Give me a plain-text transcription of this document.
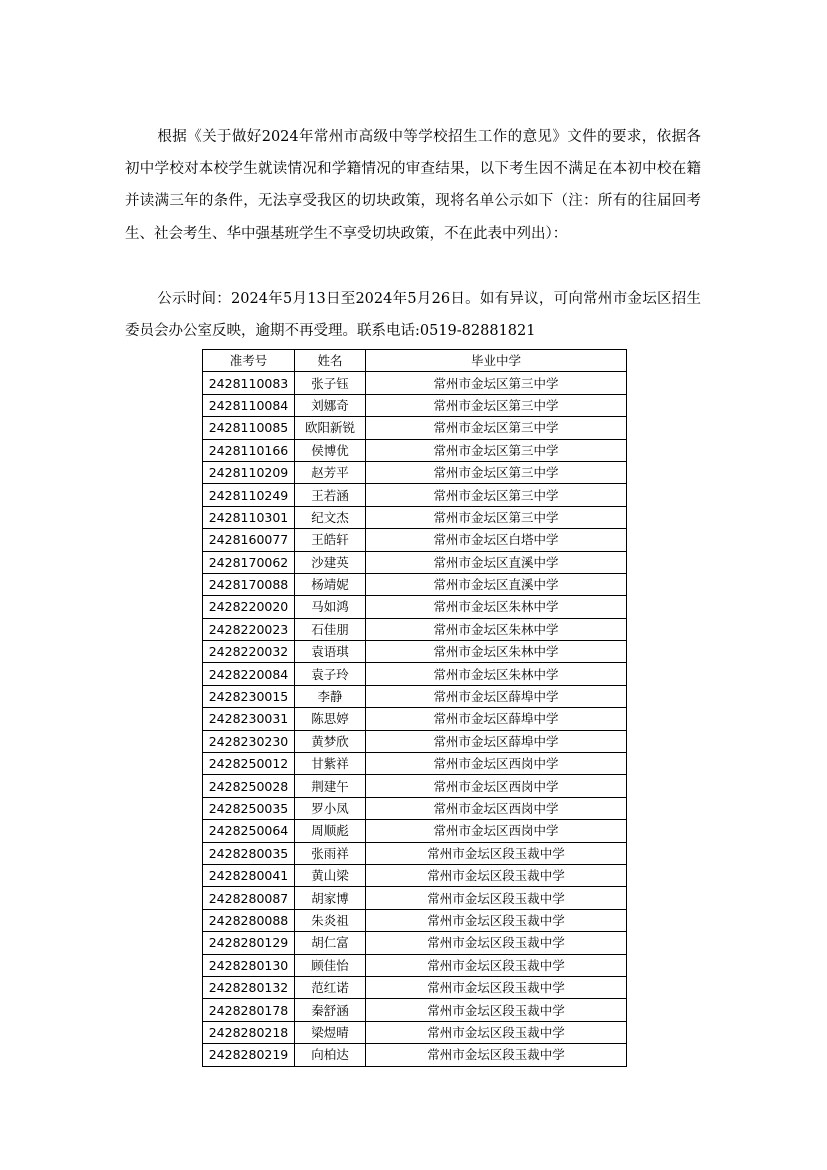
根据《关于做好2024年常州市高级中等学校招生工作的意见》文件的要求，依据各初中学校对本校学生就读情况和学籍情况的审查结果，以下考生因不满足在本初中校在籍并读满三年的条件，无法享受我区的切块政策，现将名单公示如下（注：所有的往届回考生、社会考生、华中强基班学生不享受切块政策，不在此表中列出）：

公示时间：2024年5月13日至2024年5月26日。如有异议，可向常州市金坛区招生委员会办公室反映，逾期不再受理。联系电话:0519-82881821

准考号	姓名	毕业中学
2428110083	张子钰	常州市金坛区第三中学
2428110084	刘娜奇	常州市金坛区第三中学
2428110085	欧阳新锐	常州市金坛区第三中学
2428110166	侯博优	常州市金坛区第三中学
2428110209	赵芳平	常州市金坛区第三中学
2428110249	王若涵	常州市金坛区第三中学
2428110301	纪文杰	常州市金坛区第三中学
2428160077	王皓轩	常州市金坛区白塔中学
2428170062	沙建英	常州市金坛区直溪中学
2428170088	杨靖妮	常州市金坛区直溪中学
2428220020	马如鸿	常州市金坛区朱林中学
2428220023	石佳朋	常州市金坛区朱林中学
2428220032	袁语琪	常州市金坛区朱林中学
2428220084	袁子玲	常州市金坛区朱林中学
2428230015	李静	常州市金坛区薛埠中学
2428230031	陈思婷	常州市金坛区薛埠中学
2428230230	黄梦欣	常州市金坛区薛埠中学
2428250012	甘紫祥	常州市金坛区西岗中学
2428250028	荆建午	常州市金坛区西岗中学
2428250035	罗小凤	常州市金坛区西岗中学
2428250064	周顺彪	常州市金坛区西岗中学
2428280035	张雨祥	常州市金坛区段玉裁中学
2428280041	黄山梁	常州市金坛区段玉裁中学
2428280087	胡家博	常州市金坛区段玉裁中学
2428280088	朱炎祖	常州市金坛区段玉裁中学
2428280129	胡仁富	常州市金坛区段玉裁中学
2428280130	顾佳怡	常州市金坛区段玉裁中学
2428280132	范红诺	常州市金坛区段玉裁中学
2428280178	秦舒涵	常州市金坛区段玉裁中学
2428280218	梁煜晴	常州市金坛区段玉裁中学
2428280219	向柏达	常州市金坛区段玉裁中学
